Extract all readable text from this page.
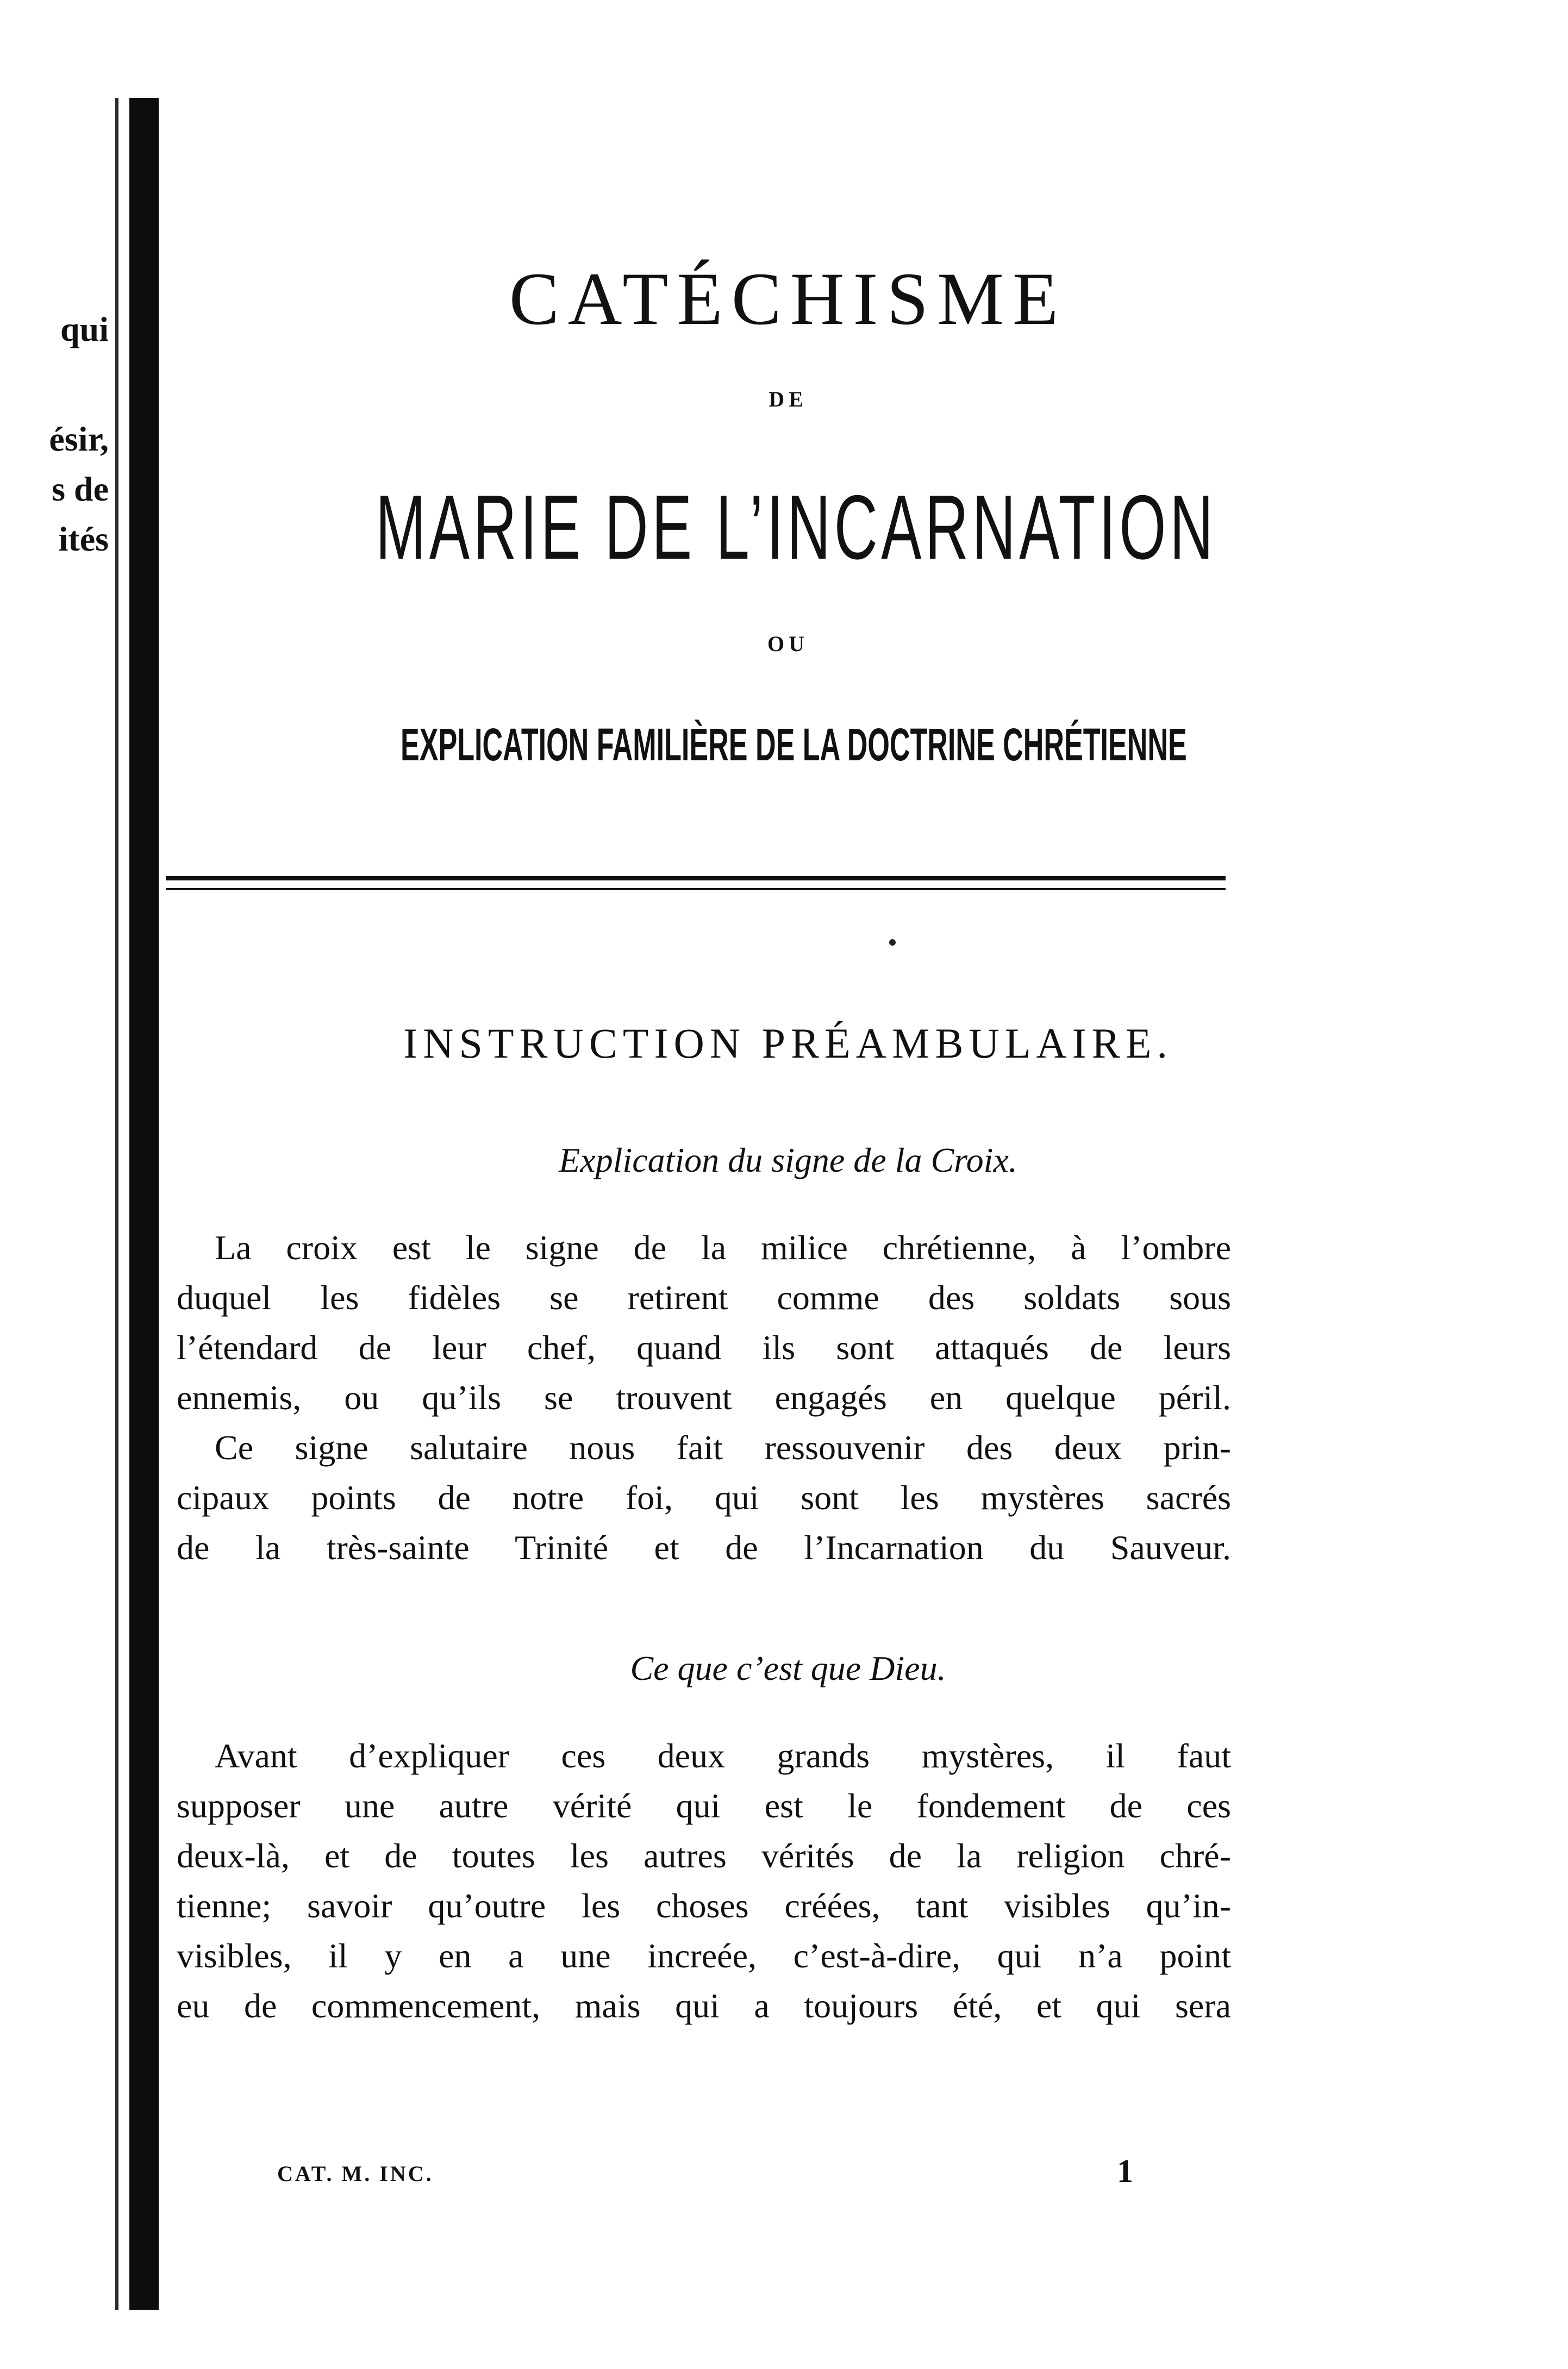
qui
ésir,
s de
ités
CATÉCHISME
DE
MARIE DE L’INCARNATION
OU
EXPLICATION FAMILIÈRE DE LA DOCTRINE CHRÉTIENNE
INSTRUCTION PRÉAMBULAIRE.
Explication du signe de la Croix.
La croix est le signe de la milice chrétienne, à l’ombre
duquel les fidèles se retirent comme des soldats sous
l’étendard de leur chef, quand ils sont attaqués de leurs
ennemis, ou qu’ils se trouvent engagés en quelque péril.
Ce signe salutaire nous fait ressouvenir des deux prin-
cipaux points de notre foi, qui sont les mystères sacrés
de la très-sainte Trinité et de l’Incarnation du Sauveur.
Ce que c’est que Dieu.
Avant d’expliquer ces deux grands mystères, il faut
supposer une autre vérité qui est le fondement de ces
deux-là, et de toutes les autres vérités de la religion chré-
tienne; savoir qu’outre les choses créées, tant visibles qu’in-
visibles, il y en a une increée, c’est-à-dire, qui n’a point
eu de commencement, mais qui a toujours été, et qui sera
CAT. M. INC.	1
